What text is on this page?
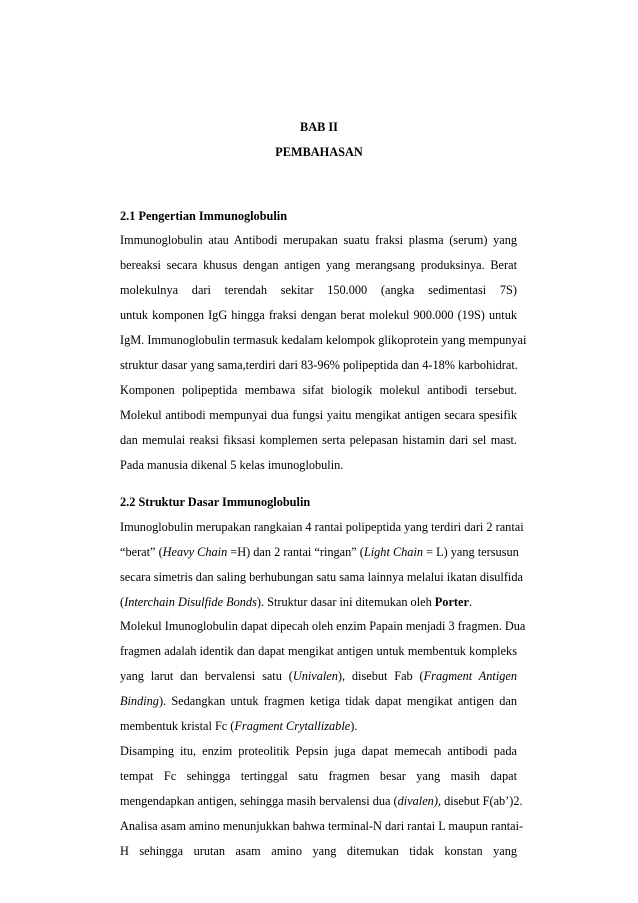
BAB II
PEMBAHASAN
2.1 Pengertian Immunoglobulin
Immunoglobulin atau Antibodi merupakan suatu fraksi plasma (serum) yang
bereaksi secara khusus dengan antigen yang merangsang produksinya. Berat
molekulnya dari terendah sekitar 150.000 (angka sedimentasi 7S)
untuk komponen IgG hingga fraksi dengan berat molekul 900.000 (19S) untuk
IgM. Immunoglobulin termasuk kedalam kelompok glikoprotein yang mempunyai
struktur dasar yang sama,terdiri dari 83-96% polipeptida dan 4-18% karbohidrat.
Komponen polipeptida membawa sifat biologik molekul antibodi tersebut.
Molekul antibodi mempunyai dua fungsi yaitu mengikat antigen secara spesifik
dan memulai reaksi fiksasi komplemen serta pelepasan histamin dari sel mast.
Pada manusia dikenal 5 kelas imunoglobulin.
2.2 Struktur Dasar Immunoglobulin
Imunoglobulin merupakan rangkaian 4 rantai polipeptida yang terdiri dari 2 rantai
“berat” (Heavy Chain =H) dan 2 rantai “ringan” (Light Chain = L) yang tersusun
secara simetris dan saling berhubungan satu sama lainnya melalui ikatan disulfida
(Interchain Disulfide Bonds). Struktur dasar ini ditemukan oleh Porter.
Molekul Imunoglobulin dapat dipecah oleh enzim Papain menjadi 3 fragmen. Dua
fragmen adalah identik dan dapat mengikat antigen untuk membentuk kompleks
yang larut dan bervalensi satu (Univalen), disebut Fab (Fragment Antigen
Binding). Sedangkan untuk fragmen ketiga tidak dapat mengikat antigen dan
membentuk kristal Fc (Fragment Crytallizable).
Disamping itu, enzim proteolitik Pepsin juga dapat memecah antibodi pada
tempat Fc sehingga tertinggal satu fragmen besar yang masih dapat
mengendapkan antigen, sehingga masih bervalensi dua (divalen), disebut F(ab’)2.
Analisa asam amino menunjukkan bahwa terminal-N dari rantai L maupun rantai-
H sehingga urutan asam amino yang ditemukan tidak konstan yang
